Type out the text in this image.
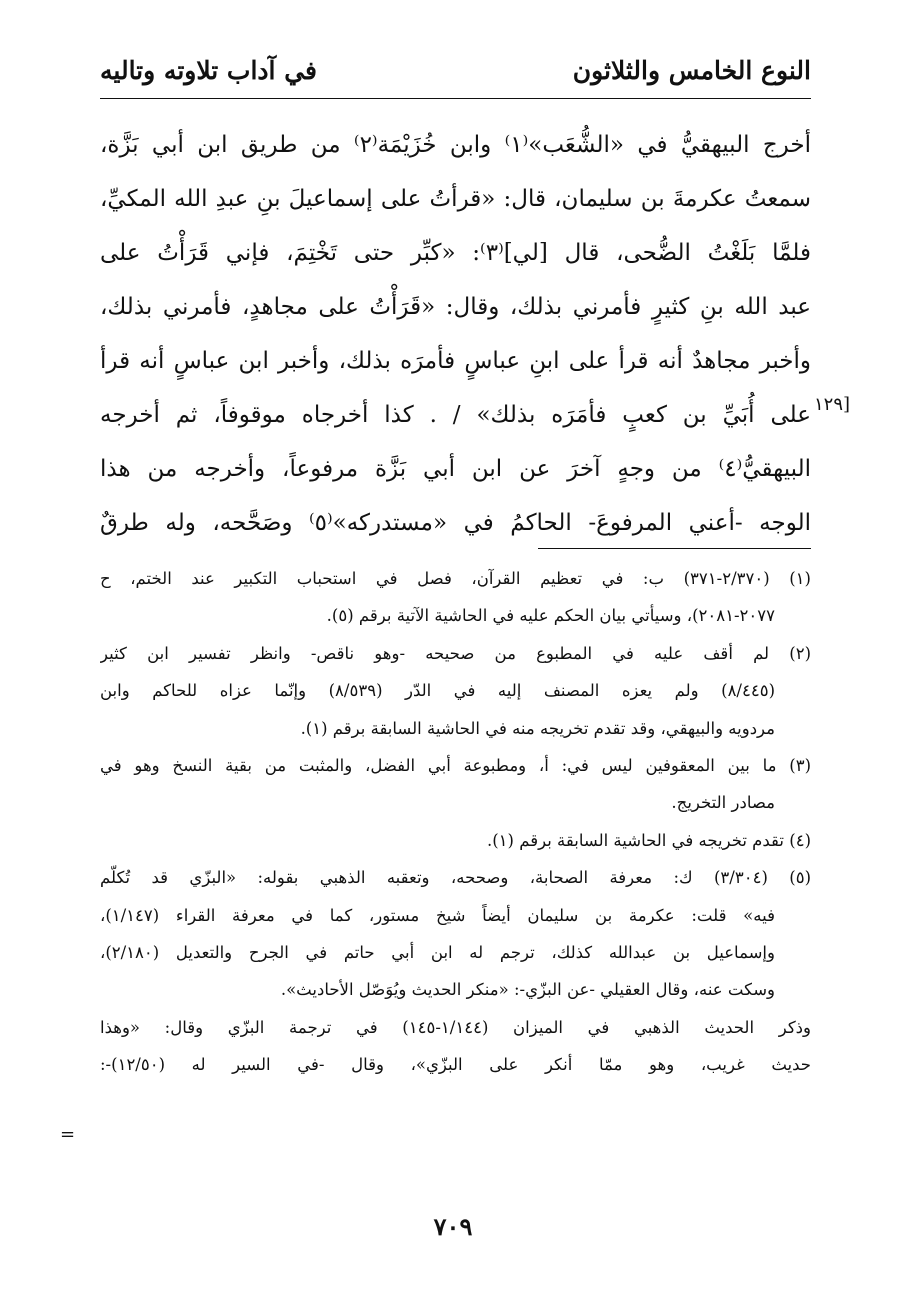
النوع الخامس والثلاثون
في آداب تلاوته وتاليه
أخرج البيهقيُّ في «الشُّعَب»⁽١⁾ وابن خُزَيْمَة⁽٢⁾ من طريق ابن أبي بَزَّة،
سمعتُ عكرمةَ بن سليمان، قال: «قرأتُ على إسماعيلَ بنِ عبدِ الله المكيِّ،
فلمَّا بَلَغْتُ الضُّحى، قال [لي]⁽٣⁾: «كبِّر حتى تَخْتِمَ، فإني قَرَأْتُ على
عبد الله بنِ كثيرٍ فأمرني بذلك، وقال: «قَرَأْتُ على مجاهدٍ، فأمرني بذلك،
وأخبر مجاهدٌ أنه قرأ على ابنِ عباسٍ فأمرَه بذلك، وأخبر ابن عباسٍ أنه قرأ
على أُبَيِّ بن كعبٍ فأمَرَه بذلك» / . كذا أخرجاه موقوفاً، ثم أخرجه
البيهقيُّ⁽٤⁾ من وجهٍ آخرَ عن ابن أبي بَزَّة مرفوعاً، وأخرجه من هذا
الوجه -أعني المرفوعَ- الحاكمُ في «مستدركه»⁽٥⁾ وصَحَّحه، وله طرقٌ
[١٢٩
(١) (٢/٣٧٠-٣٧١) ب: في تعظيم القرآن، فصل في استحباب التكبير عند الختم، ح
٢٠٧٧-٢٠٨١)، وسيأتي بيان الحكم عليه في الحاشية الآتية برقم (٥).
(٢) لم أقف عليه في المطبوع من صحيحه -وهو ناقص- وانظر تفسير ابن كثير
(٨/٤٤٥) ولم يعزه المصنف إليه في الدّر (٨/٥٣٩) وإنّما عزاه للحاكم وابن
مردويه والبيهقي، وقد تقدم تخريجه منه في الحاشية السابقة برقم (١).
(٣) ما بين المعقوفين ليس في: أ، ومطبوعة أبي الفضل، والمثبت من بقية النسخ وهو في
مصادر التخريج.
(٤) تقدم تخريجه في الحاشية السابقة برقم (١).
(٥) (٣/٣٠٤) ك: معرفة الصحابة، وصححه، وتعقبه الذهبي بقوله: «البزّي قد تُكلّم
فيه» قلت: عكرمة بن سليمان أيضاً شيخ مستور، كما في معرفة القراء (١/١٤٧)،
وإسماعيل بن عبدالله كذلك، ترجم له ابن أبي حاتم في الجرح والتعديل (٢/١٨٠)،
وسكت عنه، وقال العقيلي -عن البزّي-: «منكر الحديث ويُوَصّل الأحاديث».
وذكر الحديث الذهبي في الميزان (١/١٤٤-١٤٥) في ترجمة البزّي وقال: «وهذا
حديث غريب، وهو ممّا أنكر على البزّي»، وقال -في السير له (١٢/٥٠)-:
=
٧٠٩
